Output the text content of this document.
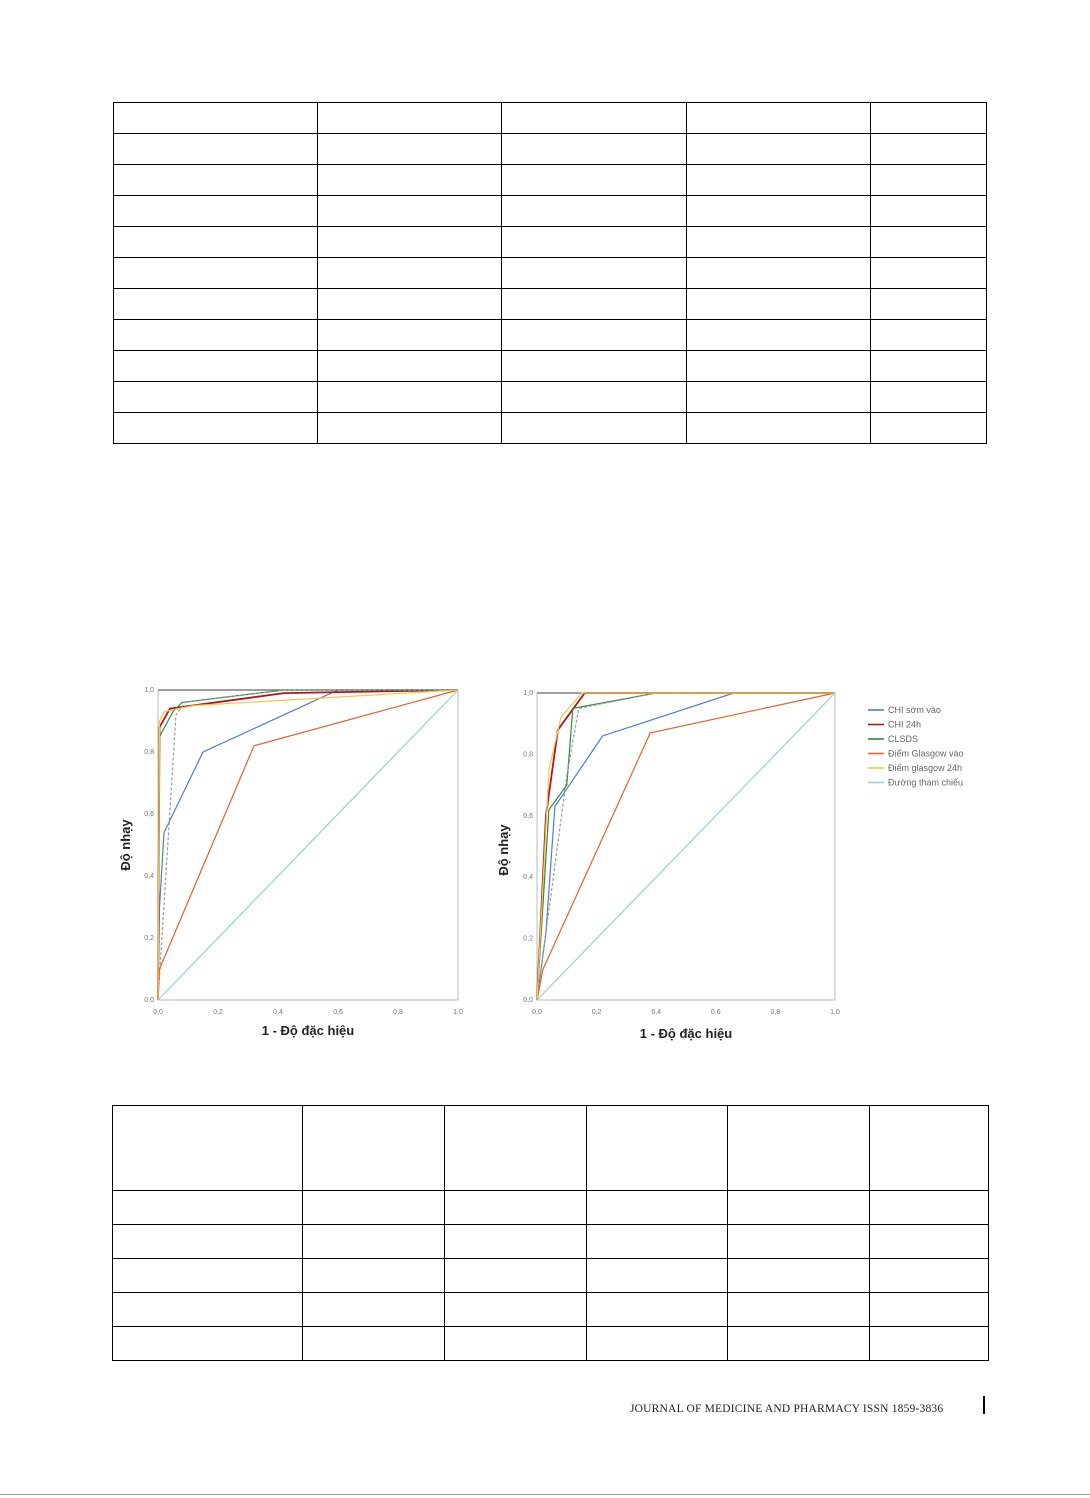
0,0	0,2	0,4	0,6	0,8	1,0
0,0
0,2
0,4
0,6
0,8
1,0
1 - Độ đặc hiệu
Độ nhạy
0,0	0,2	0,4	0,6	0,8	1,0
0,0
0,2
0,4
0,6
0,8
1,0
1 - Độ đặc hiệu
Độ nhạy
CHI sớm vào
CHI 24h
CLSDS
Điểm Glasgow vào
Điểm glasgow 24h
Đường tham chiếu

JOURNAL OF MEDICINE AND PHARMACY ISSN 1859-3836
